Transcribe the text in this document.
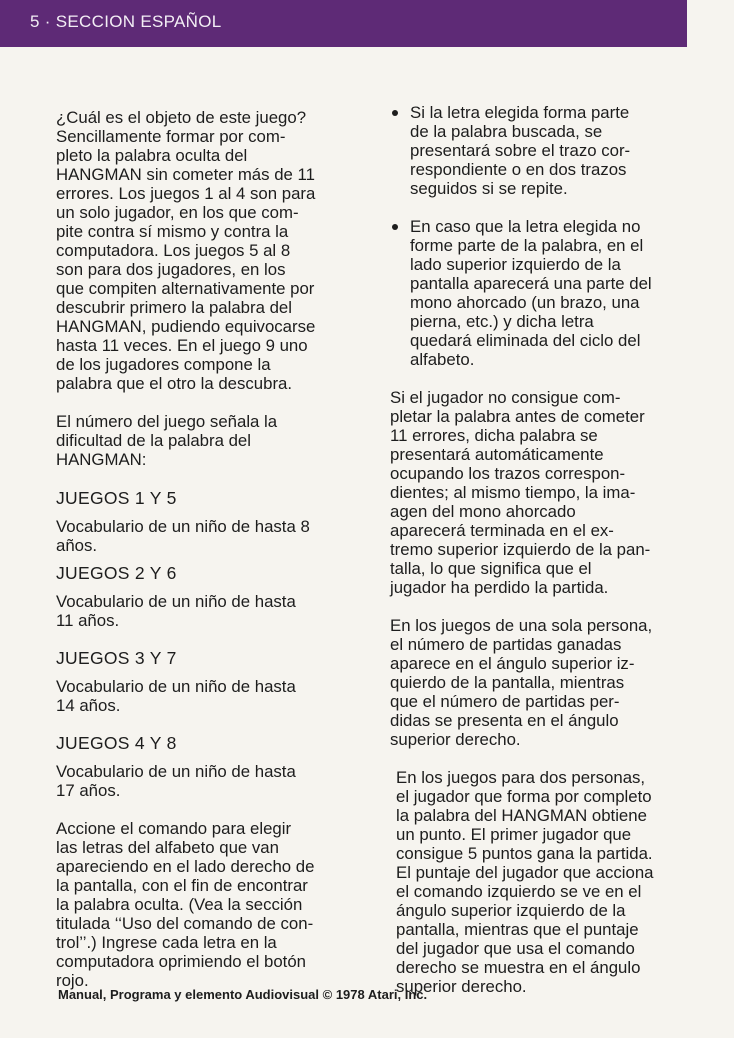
5 · SECCION ESPAÑOL
¿Cuál es el objeto de este juego?
Sencillamente formar por com-
pleto la palabra oculta del
HANGMAN sin cometer más de 11
errores. Los juegos 1 al 4 son para
un solo jugador, en los que com-
pite contra sí mismo y contra la
computadora. Los juegos 5 al 8
son para dos jugadores, en los
que compiten alternativamente por
descubrir primero la palabra del
HANGMAN, pudiendo equivocarse
hasta 11 veces. En el juego 9 uno
de los jugadores compone la
palabra que el otro la descubra.
El número del juego señala la
dificultad de la palabra del
HANGMAN:
JUEGOS 1 Y 5
Vocabulario de un niño de hasta 8
años.
JUEGOS 2 Y 6
Vocabulario de un niño de hasta
11 años.
JUEGOS 3 Y 7
Vocabulario de un niño de hasta
14 años.
JUEGOS 4 Y 8
Vocabulario de un niño de hasta
17 años.
Accione el comando para elegir
las letras del alfabeto que van
apareciendo en el lado derecho de
la pantalla, con el fin de encontrar
la palabra oculta. (Vea la sección
titulada ‘‘Uso del comando de con-
trol’’.) Ingrese cada letra en la
computadora oprimiendo el botón
rojo.
Si la letra elegida forma parte
de la palabra buscada, se
presentará sobre el trazo cor-
respondiente o en dos trazos
seguidos si se repite.
En caso que la letra elegida no
forme parte de la palabra, en el
lado superior izquierdo de la
pantalla aparecerá una parte del
mono ahorcado (un brazo, una
pierna, etc.) y dicha letra
quedará eliminada del ciclo del
alfabeto.
Si el jugador no consigue com-
pletar la palabra antes de cometer
11 errores, dicha palabra se
presentará automáticamente
ocupando los trazos correspon-
dientes; al mismo tiempo, la ima-
agen del mono ahorcado
aparecerá terminada en el ex-
tremo superior izquierdo de la pan-
talla, lo que significa que el
jugador ha perdido la partida.
En los juegos de una sola persona,
el número de partidas ganadas
aparece en el ángulo superior iz-
quierdo de la pantalla, mientras
que el número de partidas per-
didas se presenta en el ángulo
superior derecho.
En los juegos para dos personas,
el jugador que forma por completo
la palabra del HANGMAN obtiene
un punto. El primer jugador que
consigue 5 puntos gana la partida.
El puntaje del jugador que acciona
el comando izquierdo se ve en el
ángulo superior izquierdo de la
pantalla, mientras que el puntaje
del jugador que usa el comando
derecho se muestra en el ángulo
superior derecho.
Manual, Programa y elemento Audiovisual © 1978 Atari, Inc.
